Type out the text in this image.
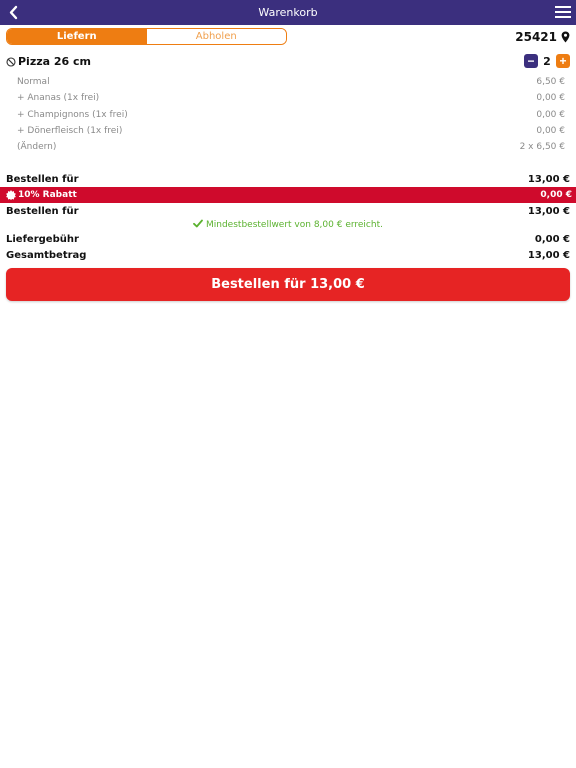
Warenkorb
Liefern	Abholen	25421
Pizza 26 cm	− 2 +
Normal	6,50 €
+ Ananas (1x frei)	0,00 €
+ Champignons (1x frei)	0,00 €
+ Dönerfleisch (1x frei)	0,00 €
(Ändern)	2 x 6,50 €
Bestellen für	13,00 €
10% Rabatt	0,00 €
Bestellen für	13,00 €
Mindestbestellwert von 8,00 € erreicht.
Liefergebühr	0,00 €
Gesamtbetrag	13,00 €
Bestellen für 13,00 €
